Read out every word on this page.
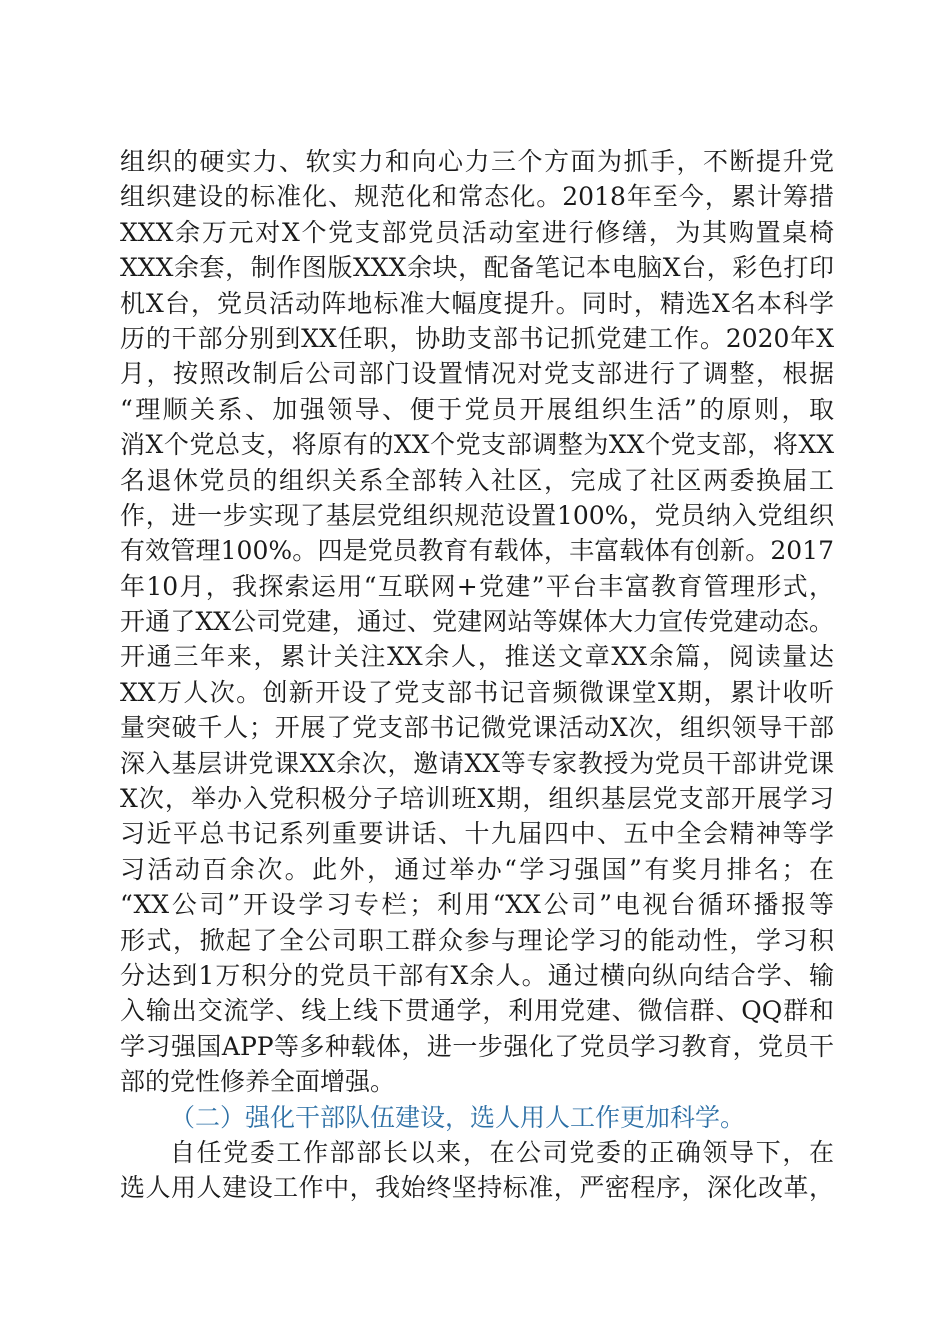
组织的硬实力、软实力和向心力三个方面为抓手，不断提升党
组织建设的标准化、规范化和常态化。2018年至今，累计筹措
XXX余万元对X个党支部党员活动室进行修缮，为其购置桌椅
XXX余套，制作图版XXX余块，配备笔记本电脑X台，彩色打印
机X台，党员活动阵地标准大幅度提升。同时，精选X名本科学
历的干部分别到XX任职，协助支部书记抓党建工作。2020年X
月，按照改制后公司部门设置情况对党支部进行了调整，根据
“理顺关系、加强领导、便于党员开展组织生活”的原则，取
消X个党总支，将原有的XX个党支部调整为XX个党支部，将XX
名退休党员的组织关系全部转入社区，完成了社区两委换届工
作，进一步实现了基层党组织规范设置100%，党员纳入党组织
有效管理100%。四是党员教育有载体，丰富载体有创新。2017
年10月，我探索运用“互联网+党建”平台丰富教育管理形式，
开通了XX公司党建，通过、党建网站等媒体大力宣传党建动态。
开通三年来，累计关注XX余人，推送文章XX余篇，阅读量达
XX万人次。创新开设了党支部书记音频微课堂X期，累计收听
量突破千人；开展了党支部书记微党课活动X次，组织领导干部
深入基层讲党课XX余次，邀请XX等专家教授为党员干部讲党课
X次，举办入党积极分子培训班X期，组织基层党支部开展学习
习近平总书记系列重要讲话、十九届四中、五中全会精神等学
习活动百余次。此外，通过举办“学习强国”有奖月排名；在
“XX公司”开设学习专栏；利用“XX公司”电视台循环播报等
形式，掀起了全公司职工群众参与理论学习的能动性，学习积
分达到1万积分的党员干部有X余人。通过横向纵向结合学、输
入输出交流学、线上线下贯通学，利用党建、微信群、QQ群和
学习强国APP等多种载体，进一步强化了党员学习教育，党员干
部的党性修养全面增强。
（二）强化干部队伍建设，选人用人工作更加科学。
自任党委工作部部长以来，在公司党委的正确领导下，在
选人用人建设工作中，我始终坚持标准，严密程序，深化改革，
